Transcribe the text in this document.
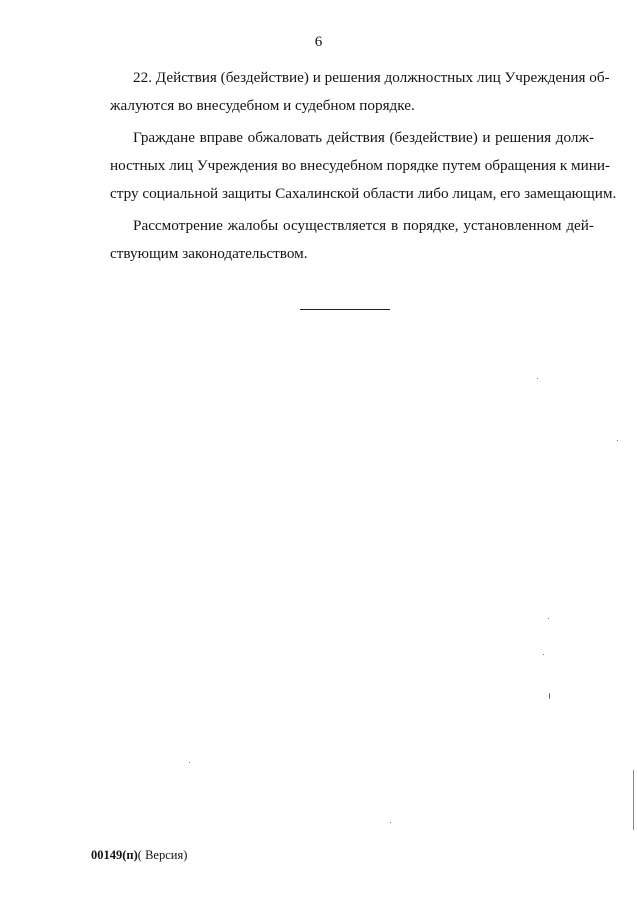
6

22. Действия (бездействие) и решения должностных лиц Учреждения об-
жалуются во внесудебном и судебном порядке.

Граждане вправе обжаловать действия (бездействие) и решения долж-
ностных лиц Учреждения во внесудебном порядке путем обращения к мини-
стру социальной защиты Сахалинской области либо лицам, его замещающим.

Рассмотрение жалобы осуществляется в порядке, установленном дей-
ствующим законодательством.

00149(п)( Версия)
